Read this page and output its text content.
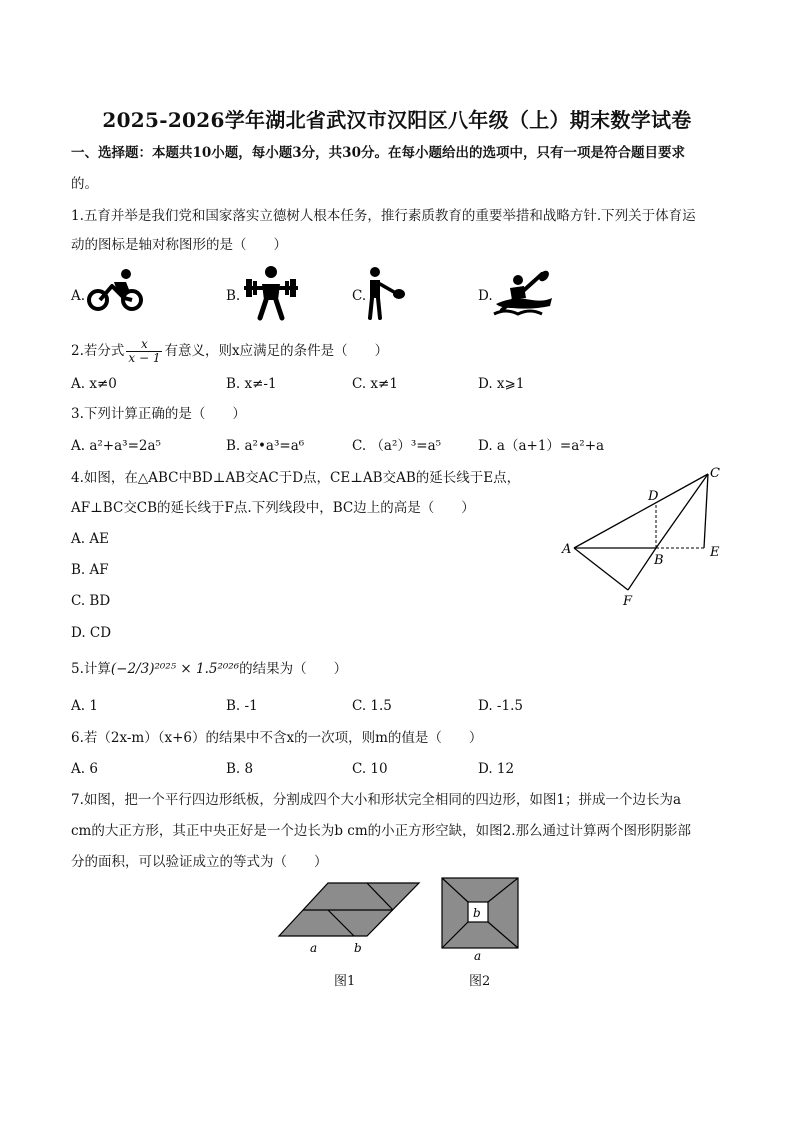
2025-2026学年湖北省武汉市汉阳区八年级（上）期末数学试卷
一、选择题：本题共10小题，每小题3分，共30分。在每小题给出的选项中，只有一项是符合题目要求
的。
1.五育并举是我们党和国家落实立德树人根本任务，推行素质教育的重要举措和战略方针.下列关于体育运
动的图标是轴对称图形的是（　　）
A.	B.	C.	D.
2.若分式 $\frac{x}{x - 1}$ 有意义，则x应满足的条件是（　　）
A. x≠0	B. x≠-1	C. x≠1	D. x⩾1
3.下列计算正确的是（　　）
A. a²+a³=2a⁵	B. a²•a³=a⁶	C. （a²）³=a⁵	D. a（a+1）=a²+a
4.如图，在△ABC中BD⊥AB交AC于D点，CE⊥AB交AB的延长线于E点，
AF⊥BC交CB的延长线于F点.下列线段中，BC边上的高是（　　）
A. AE
B. AF
C. BD
D. CD
A
B
C
D
E
F
5.计算(−2/3)²⁰²⁵ × 1.5²⁰²⁶的结果为（　　）
A. 1	B. -1	C. 1.5	D. -1.5
6.若（2x-m）（x+6）的结果中不含x的一次项，则m的值是（　　）
A. 6	B. 8	C. 10	D. 12
7.如图，把一个平行四边形纸板，分割成四个大小和形状完全相同的四边形，如图1；拼成一个边长为a
cm的大正方形，其正中央正好是一个边长为b cm的小正方形空缺，如图2.那么通过计算两个图形阴影部
分的面积，可以验证成立的等式为（　　）
a	b
b
a
图1	图2
